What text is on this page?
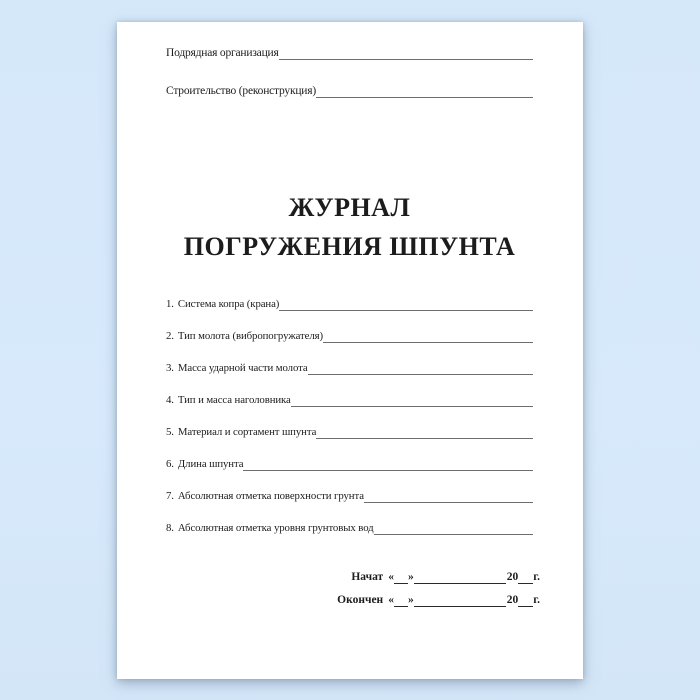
Подрядная организация
Строительство (реконструкция)
ЖУРНАЛ
ПОГРУЖЕНИЯ ШПУНТА
1. Система копра (крана)
2. Тип молота (вибропогружателя)
3. Масса ударной части молота
4. Тип и масса наголовника
5. Материал и сортамент шпунта
6. Длина шпунта
7. Абсолютная отметка поверхности грунта
8. Абсолютная отметка уровня грунтовых вод
Начат « »	20 г.
Окончен « »	20 г.
